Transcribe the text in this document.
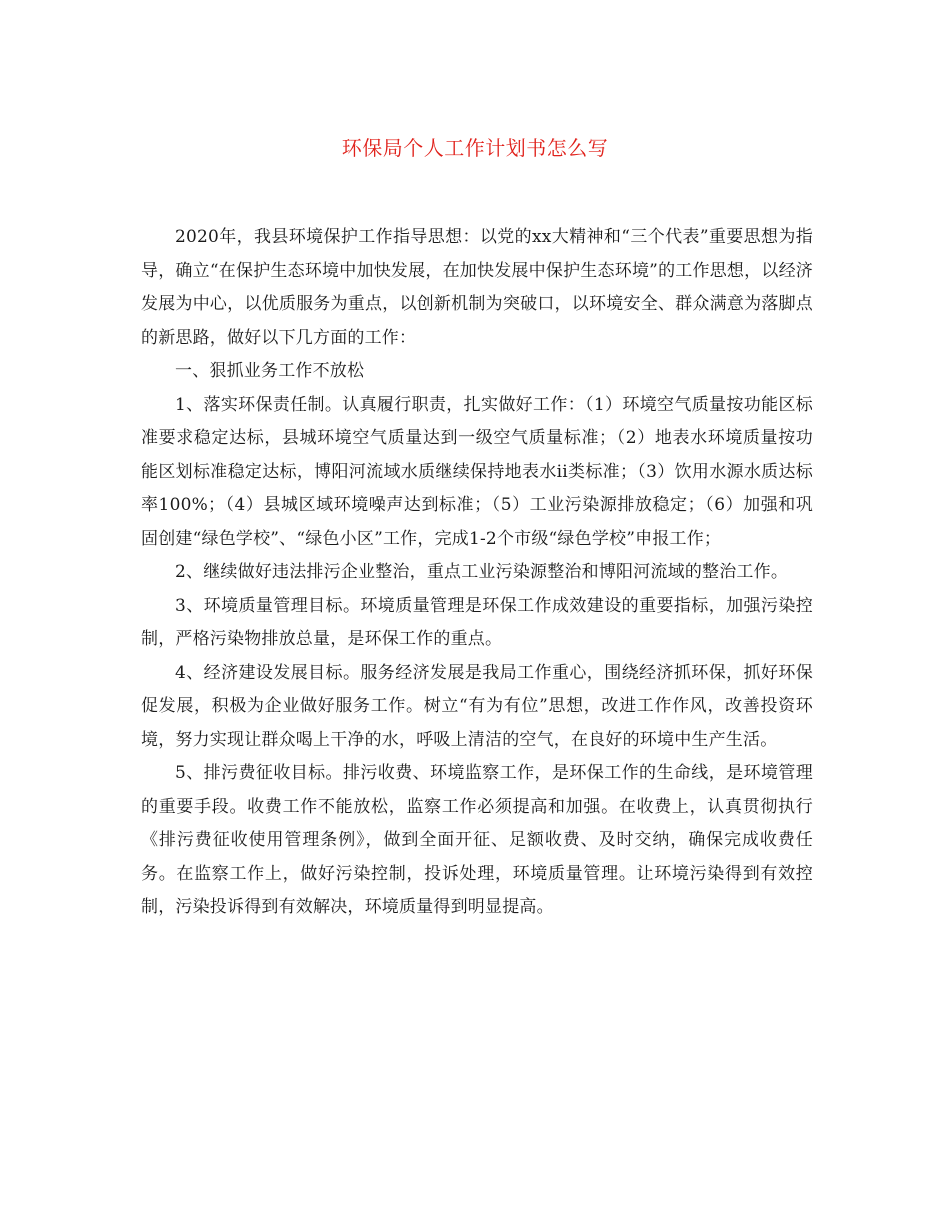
环保局个人工作计划书怎么写

2020年，我县环境保护工作指导思想：以党的xx大精神和“三个代表”重要思想为指导，确立“在保护生态环境中加快发展，在加快发展中保护生态环境”的工作思想，以经济发展为中心，以优质服务为重点，以创新机制为突破口，以环境安全、群众满意为落脚点的新思路，做好以下几方面的工作：

一、狠抓业务工作不放松

1、落实环保责任制。认真履行职责，扎实做好工作：（1）环境空气质量按功能区标准要求稳定达标，县城环境空气质量达到一级空气质量标准；（2）地表水环境质量按功能区划标准稳定达标，博阳河流域水质继续保持地表水ii类标准；（3）饮用水源水质达标率100%；（4）县城区域环境噪声达到标准；（5）工业污染源排放稳定；（6）加强和巩固创建“绿色学校”、“绿色小区”工作，完成1-2个市级“绿色学校”申报工作；

2、继续做好违法排污企业整治，重点工业污染源整治和博阳河流域的整治工作。

3、环境质量管理目标。环境质量管理是环保工作成效建设的重要指标，加强污染控制，严格污染物排放总量，是环保工作的重点。

4、经济建设发展目标。服务经济发展是我局工作重心，围绕经济抓环保，抓好环保促发展，积极为企业做好服务工作。树立“有为有位”思想，改进工作作风，改善投资环境，努力实现让群众喝上干净的水，呼吸上清洁的空气，在良好的环境中生产生活。

5、排污费征收目标。排污收费、环境监察工作，是环保工作的生命线，是环境管理的重要手段。收费工作不能放松，监察工作必须提高和加强。在收费上，认真贯彻执行《排污费征收使用管理条例》，做到全面开征、足额收费、及时交纳，确保完成收费任务。在监察工作上，做好污染控制，投诉处理，环境质量管理。让环境污染得到有效控制，污染投诉得到有效解决，环境质量得到明显提高。
